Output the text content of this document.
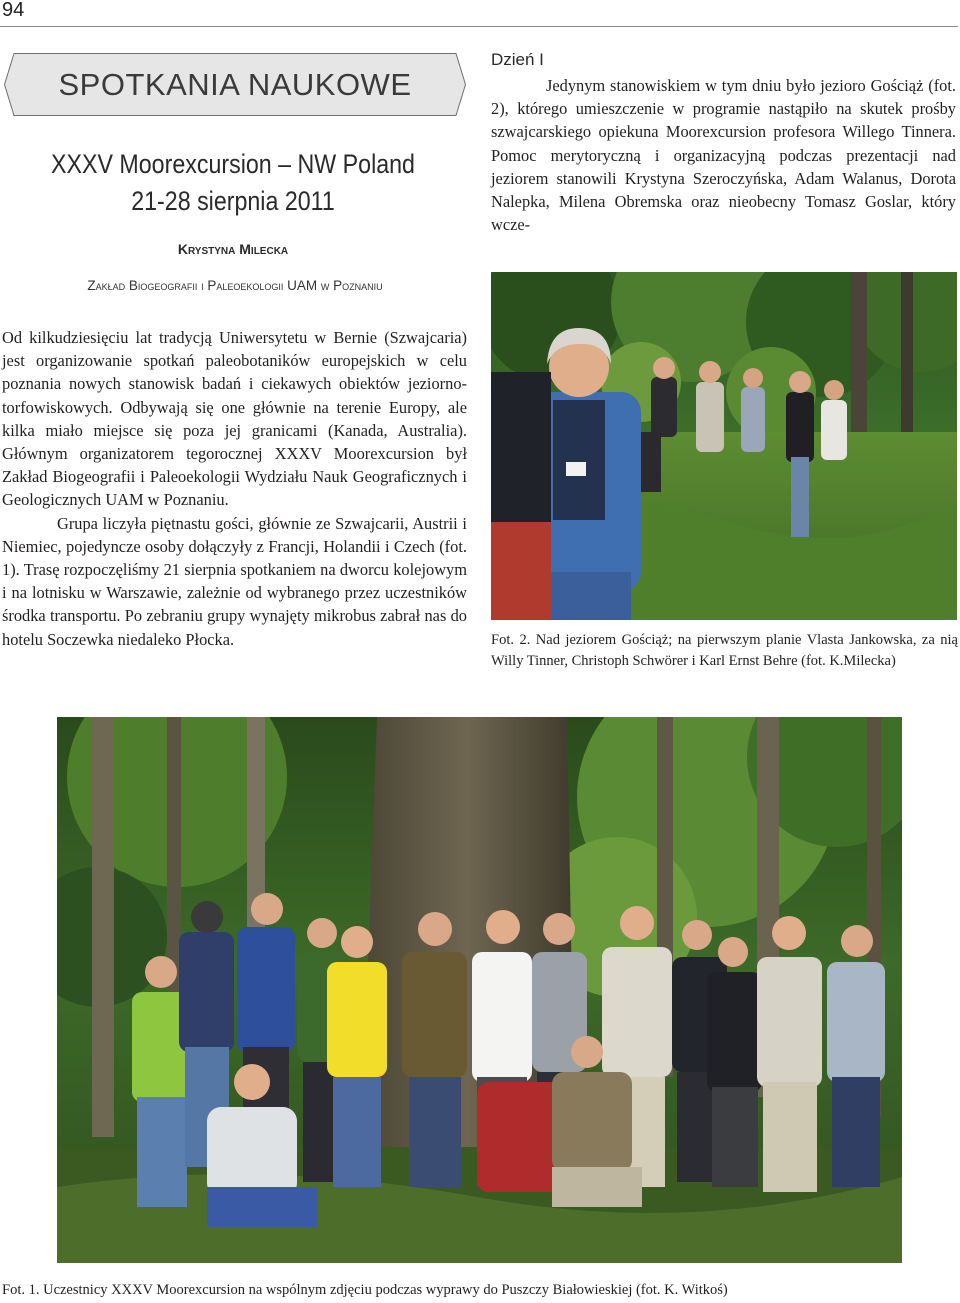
94
SPOTKANIA NAUKOWE
XXXV Moorexcursion – NW Poland
21-28 sierpnia 2011
Krystyna Milecka
Zakład Biogeografii i Paleoekologii UAM w Poznaniu

Od kilkudziesięciu lat tradycją Uniwersytetu w Bernie (Szwajcaria) jest organizowanie spotkań paleobotaników europejskich w celu poznania nowych stanowisk badań i ciekawych obiektów jeziorno-torfowiskowych. Odbywają się one głównie na terenie Europy, ale kilka miało miejsce się poza jej granicami (Kanada, Australia). Głównym organizatorem tegorocznej XXXV Moorexcursion był Zakład Biogeografii i Paleoekologii Wydziału Nauk Geograficznych i Geologicznych UAM w Poznaniu.

Grupa liczyła piętnastu gości, głównie ze Szwajcarii, Austrii i Niemiec, pojedyncze osoby dołączyły z Francji, Holandii i Czech (fot. 1). Trasę rozpoczęliśmy 21 sierpnia spotkaniem na dworcu kolejowym i na lotnisku w Warszawie, zależnie od wybranego przez uczestników środka transportu. Po zebraniu grupy wynajęty mikrobus zabrał nas do hotelu Soczewka niedaleko Płocka.

Dzień I

Jedynym stanowiskiem w tym dniu było jezioro Gościąż (fot. 2), którego umieszczenie w programie nastąpiło na skutek prośby szwajcarskiego opiekuna Moorexcursion profesora Willego Tinnera. Pomoc merytoryczną i organizacyjną podczas prezentacji nad jeziorem stanowili Krystyna Szeroczyńska, Adam Walanus, Dorota Nalepka, Milena Obremska oraz nieobecny Tomasz Goslar, który wcze-

Fot. 2. Nad jeziorem Gościąż; na pierwszym planie Vlasta Jankowska, za nią Willy Tinner, Christoph Schwörer i Karl Ernst Behre (fot. K.Milecka)
Fot. 1. Uczestnicy XXXV Moorexcursion na wspólnym zdjęciu podczas wyprawy do Puszczy Białowieskiej (fot. K. Witkoś)
